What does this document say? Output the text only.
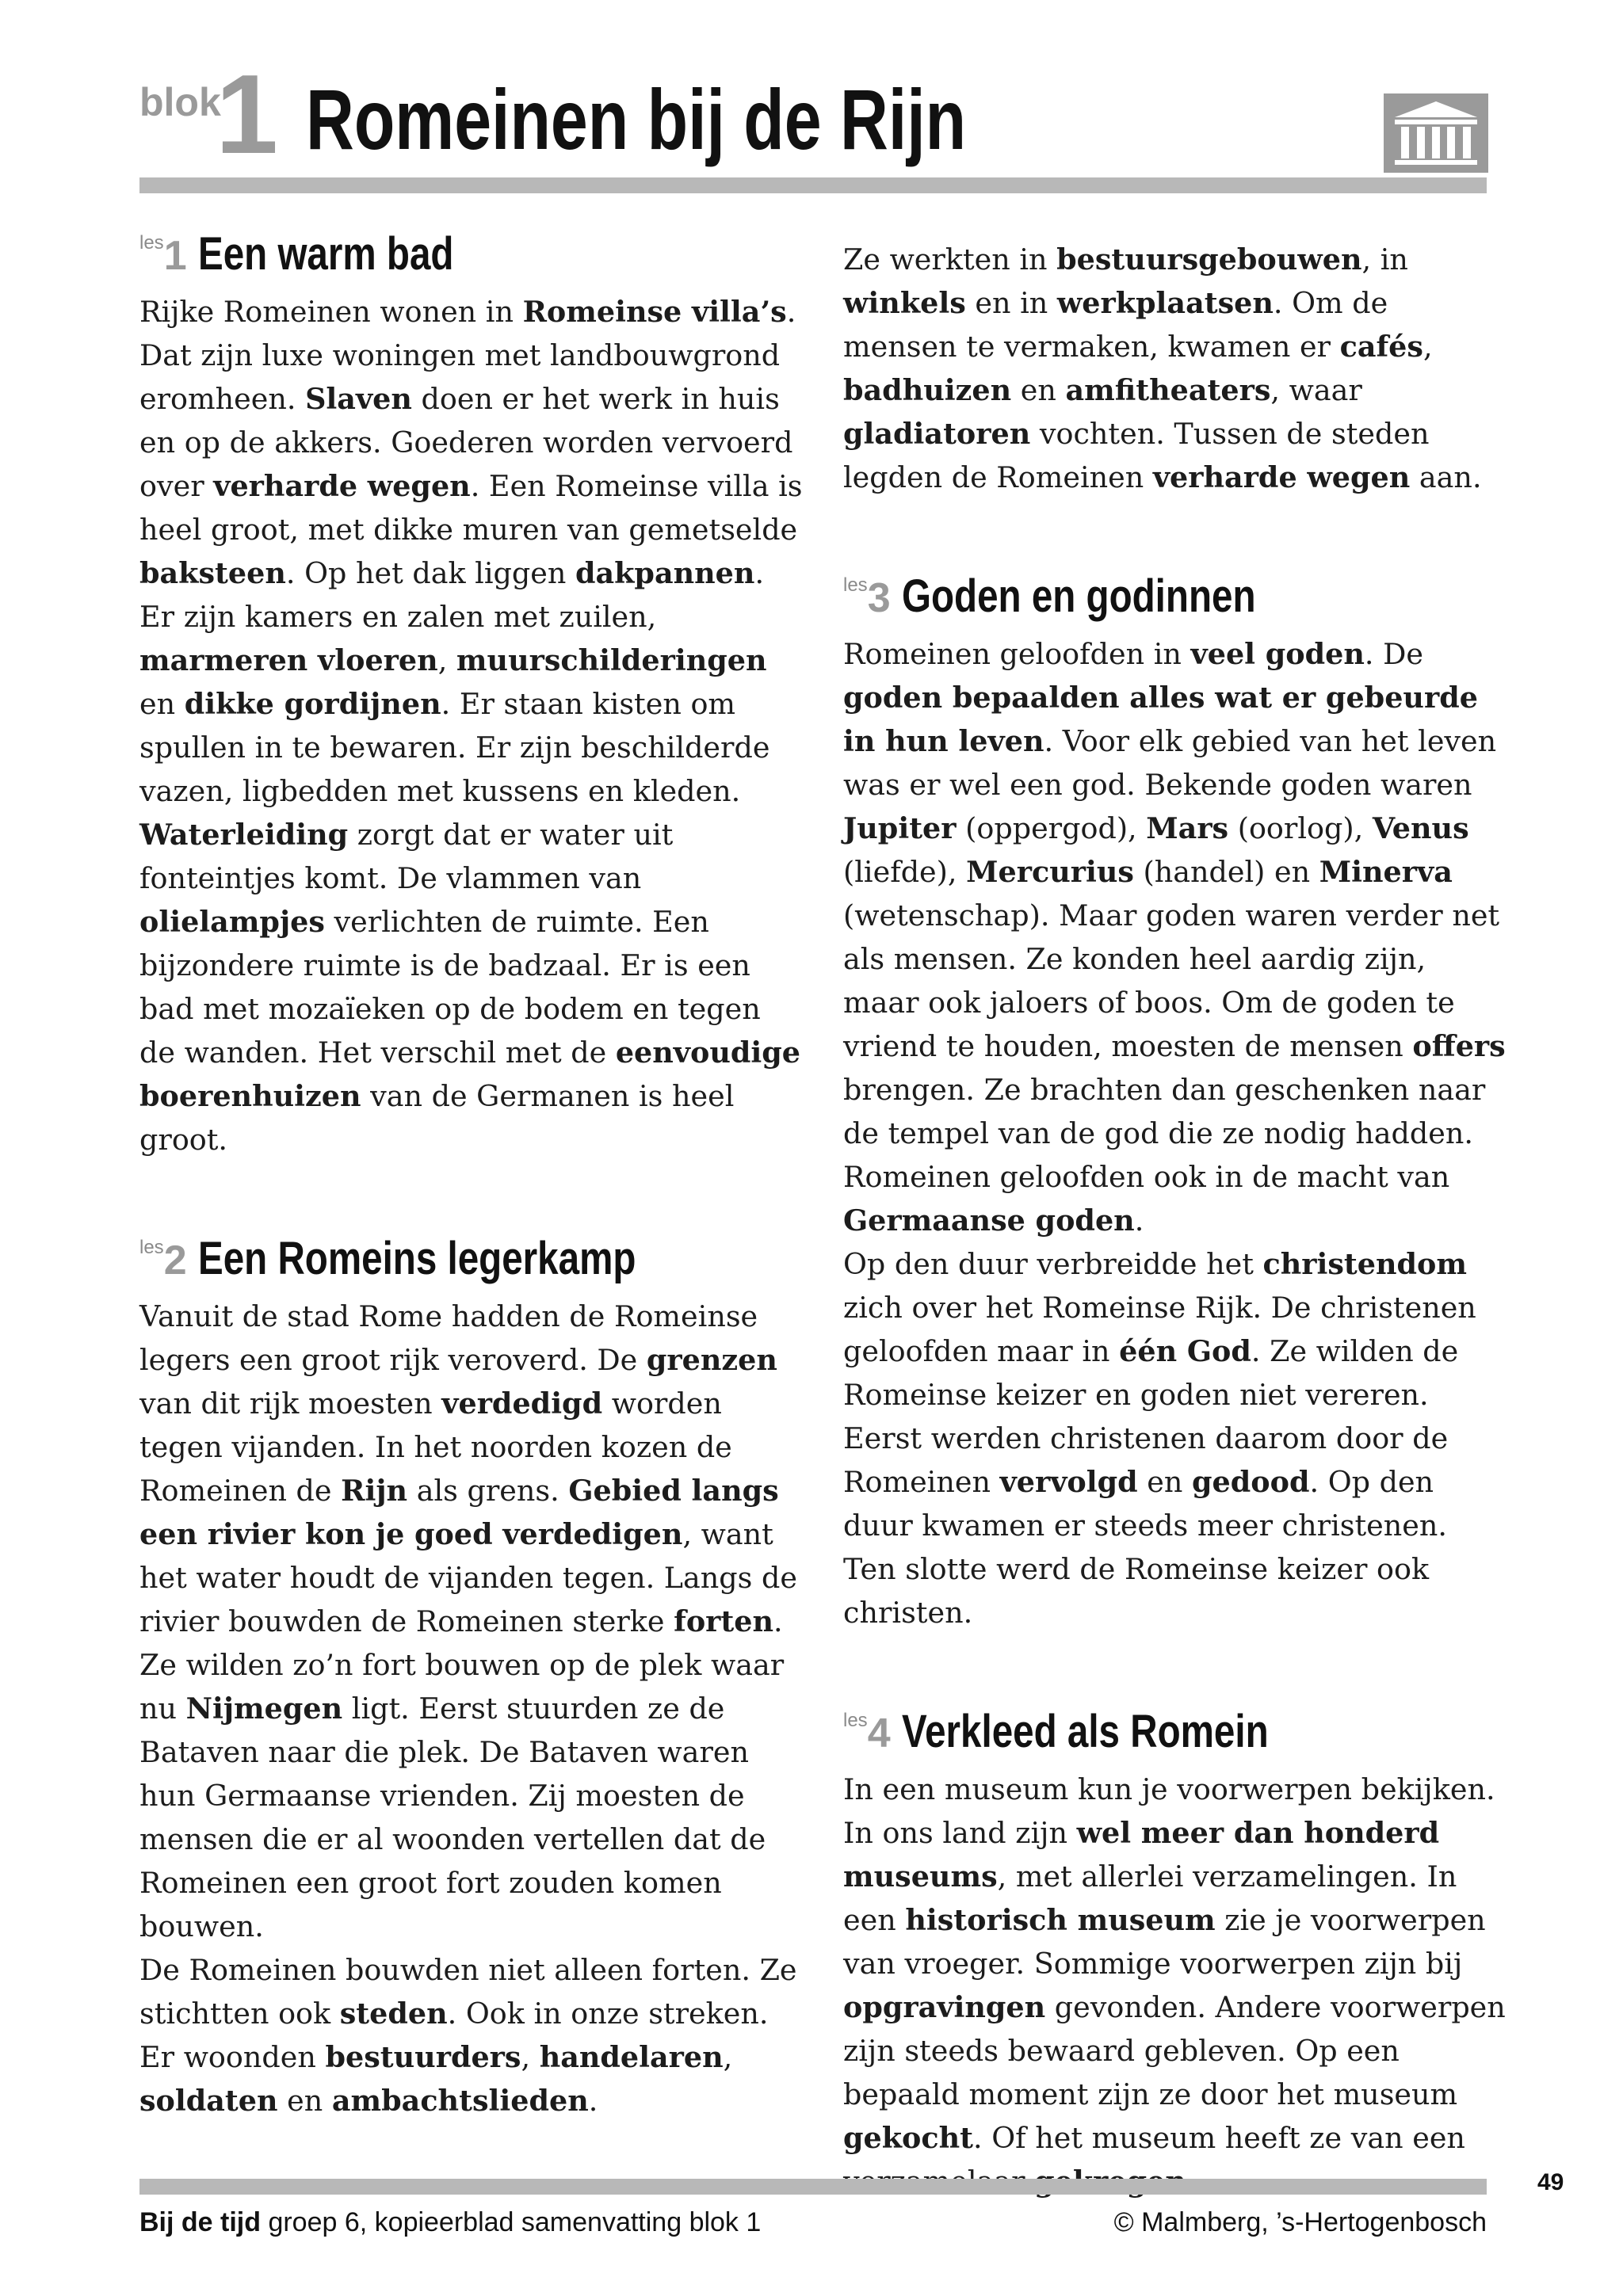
blok
1 Romeinen bij de Rijn
les 1 Een warm bad

Rijke Romeinen wonen in Romeinse villa’s. Dat zijn luxe woningen met landbouwgrond eromheen. Slaven doen er het werk in huis en op de akkers. Goederen worden vervoerd over verharde wegen. Een Romeinse villa is heel groot, met dikke muren van gemetselde baksteen. Op het dak liggen dakpannen. Er zijn kamers en zalen met zuilen, marmeren vloeren, muurschilderingen en dikke gordijnen. Er staan kisten om spullen in te bewaren. Er zijn beschilderde vazen, ligbedden met kussens en kleden. Waterleiding zorgt dat er water uit fonteintjes komt. De vlammen van olielampjes verlichten de ruimte. Een bijzondere ruimte is de badzaal. Er is een bad met mozaïeken op de bodem en tegen de wanden. Het verschil met de eenvoudige boerenhuizen van de Germanen is heel groot.

les 2 Een Romeins legerkamp

Vanuit de stad Rome hadden de Romeinse legers een groot rijk veroverd. De grenzen van dit rijk moesten verdedigd worden tegen vijanden. In het noorden kozen de Romeinen de Rijn als grens. Gebied langs een rivier kon je goed verdedigen, want het water houdt de vijanden tegen. Langs de rivier bouwden de Romeinen sterke forten. Ze wilden zo’n fort bouwen op de plek waar nu Nijmegen ligt. Eerst stuurden ze de Bataven naar die plek. De Bataven waren hun Germaanse vrienden. Zij moesten de mensen die er al woonden vertellen dat de Romeinen een groot fort zouden komen bouwen.

De Romeinen bouwden niet alleen forten. Ze stichtten ook steden. Ook in onze streken. Er woonden bestuurders, handelaren, soldaten en ambachtslieden.

Ze werkten in bestuursgebouwen, in winkels en in werkplaatsen. Om de mensen te vermaken, kwamen er cafés, badhuizen en amfitheaters, waar gladiatoren vochten. Tussen de steden legden de Romeinen verharde wegen aan.

les 3 Goden en godinnen

Romeinen geloofden in veel goden. De goden bepaalden alles wat er gebeurde in hun leven. Voor elk gebied van het leven was er wel een god. Bekende goden waren Jupiter (oppergod), Mars (oorlog), Venus (liefde), Mercurius (handel) en Minerva (wetenschap). Maar goden waren verder net als mensen. Ze konden heel aardig zijn, maar ook jaloers of boos. Om de goden te vriend te houden, moesten de mensen offers brengen. Ze brachten dan geschenken naar de tempel van de god die ze nodig hadden. Romeinen geloofden ook in de macht van Germaanse goden.

Op den duur verbreidde het christendom zich over het Romeinse Rijk. De christenen geloofden maar in één God. Ze wilden de Romeinse keizer en goden niet vereren. Eerst werden christenen daarom door de Romeinen vervolgd en gedood. Op den duur kwamen er steeds meer christenen. Ten slotte werd de Romeinse keizer ook christen.

les 4 Verkleed als Romein

In een museum kun je voorwerpen bekijken. In ons land zijn wel meer dan honderd museums, met allerlei verzamelingen. In een historisch museum zie je voorwerpen van vroeger. Sommige voorwerpen zijn bij opgravingen gevonden. Andere voorwerpen zijn steeds bewaard gebleven. Op een bepaald moment zijn ze door het museum gekocht. Of het museum heeft ze van een

49
Bij de tijd groep 6, kopieerblad samenvatting blok 1	© Malmberg, ’s-Hertogenbosch
